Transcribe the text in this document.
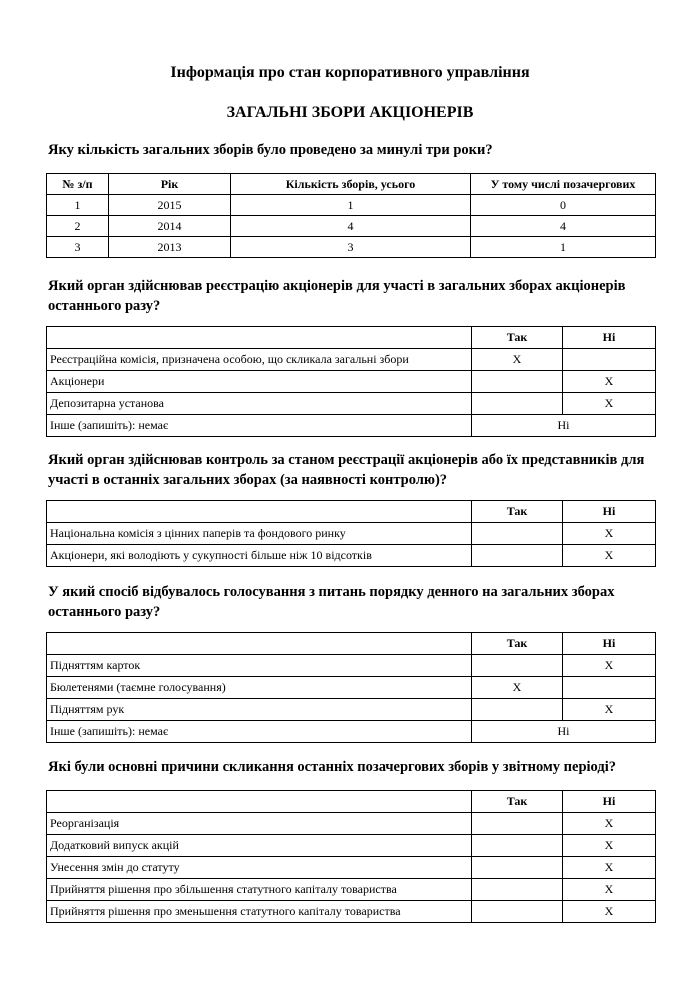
Інформація про стан корпоративного управління
ЗАГАЛЬНІ ЗБОРИ АКЦІОНЕРІВ
Яку кількість загальних зборів було проведено за минулі три роки?
№ з/п	Рік	Кількість зборів, усього	У тому числі позачергових
1	2015	1	0
2	2014	4	4
3	2013	3	1
Який орган здійснював реєстрацію акціонерів для участі в загальних зборах акціонерів
останнього разу?
	Так	Ні
Реєстраційна комісія, призначена особою, що скликала загальні збори	X	
Акціонери		X
Депозитарна установа		X
Інше (запишіть): немає	Ні	
Який орган здійснював контроль за станом реєстрації акціонерів або їх представників для
участі в останніх загальних зборах (за наявності контролю)?
	Так	Ні
Національна комісія з цінних паперів та фондового ринку		X
Акціонери, які володіють у сукупності більше ніж 10 відсотків		X
У який спосіб відбувалось голосування з питань порядку денного на загальних зборах
останнього разу?
	Так	Ні
Підняттям карток		X
Бюлетенями (таємне голосування)	X	
Підняттям рук		X
Інше (запишіть): немає	Ні	
Які були основні причини скликання останніх позачергових зборів у звітному періоді?
	Так	Ні
Реорганізація		X
Додатковий випуск акцій		X
Унесення змін до статуту		X
Прийняття рішення про збільшення статутного капіталу товариства		X
Прийняття рішення про зменьшення статутного капіталу товариства		X
